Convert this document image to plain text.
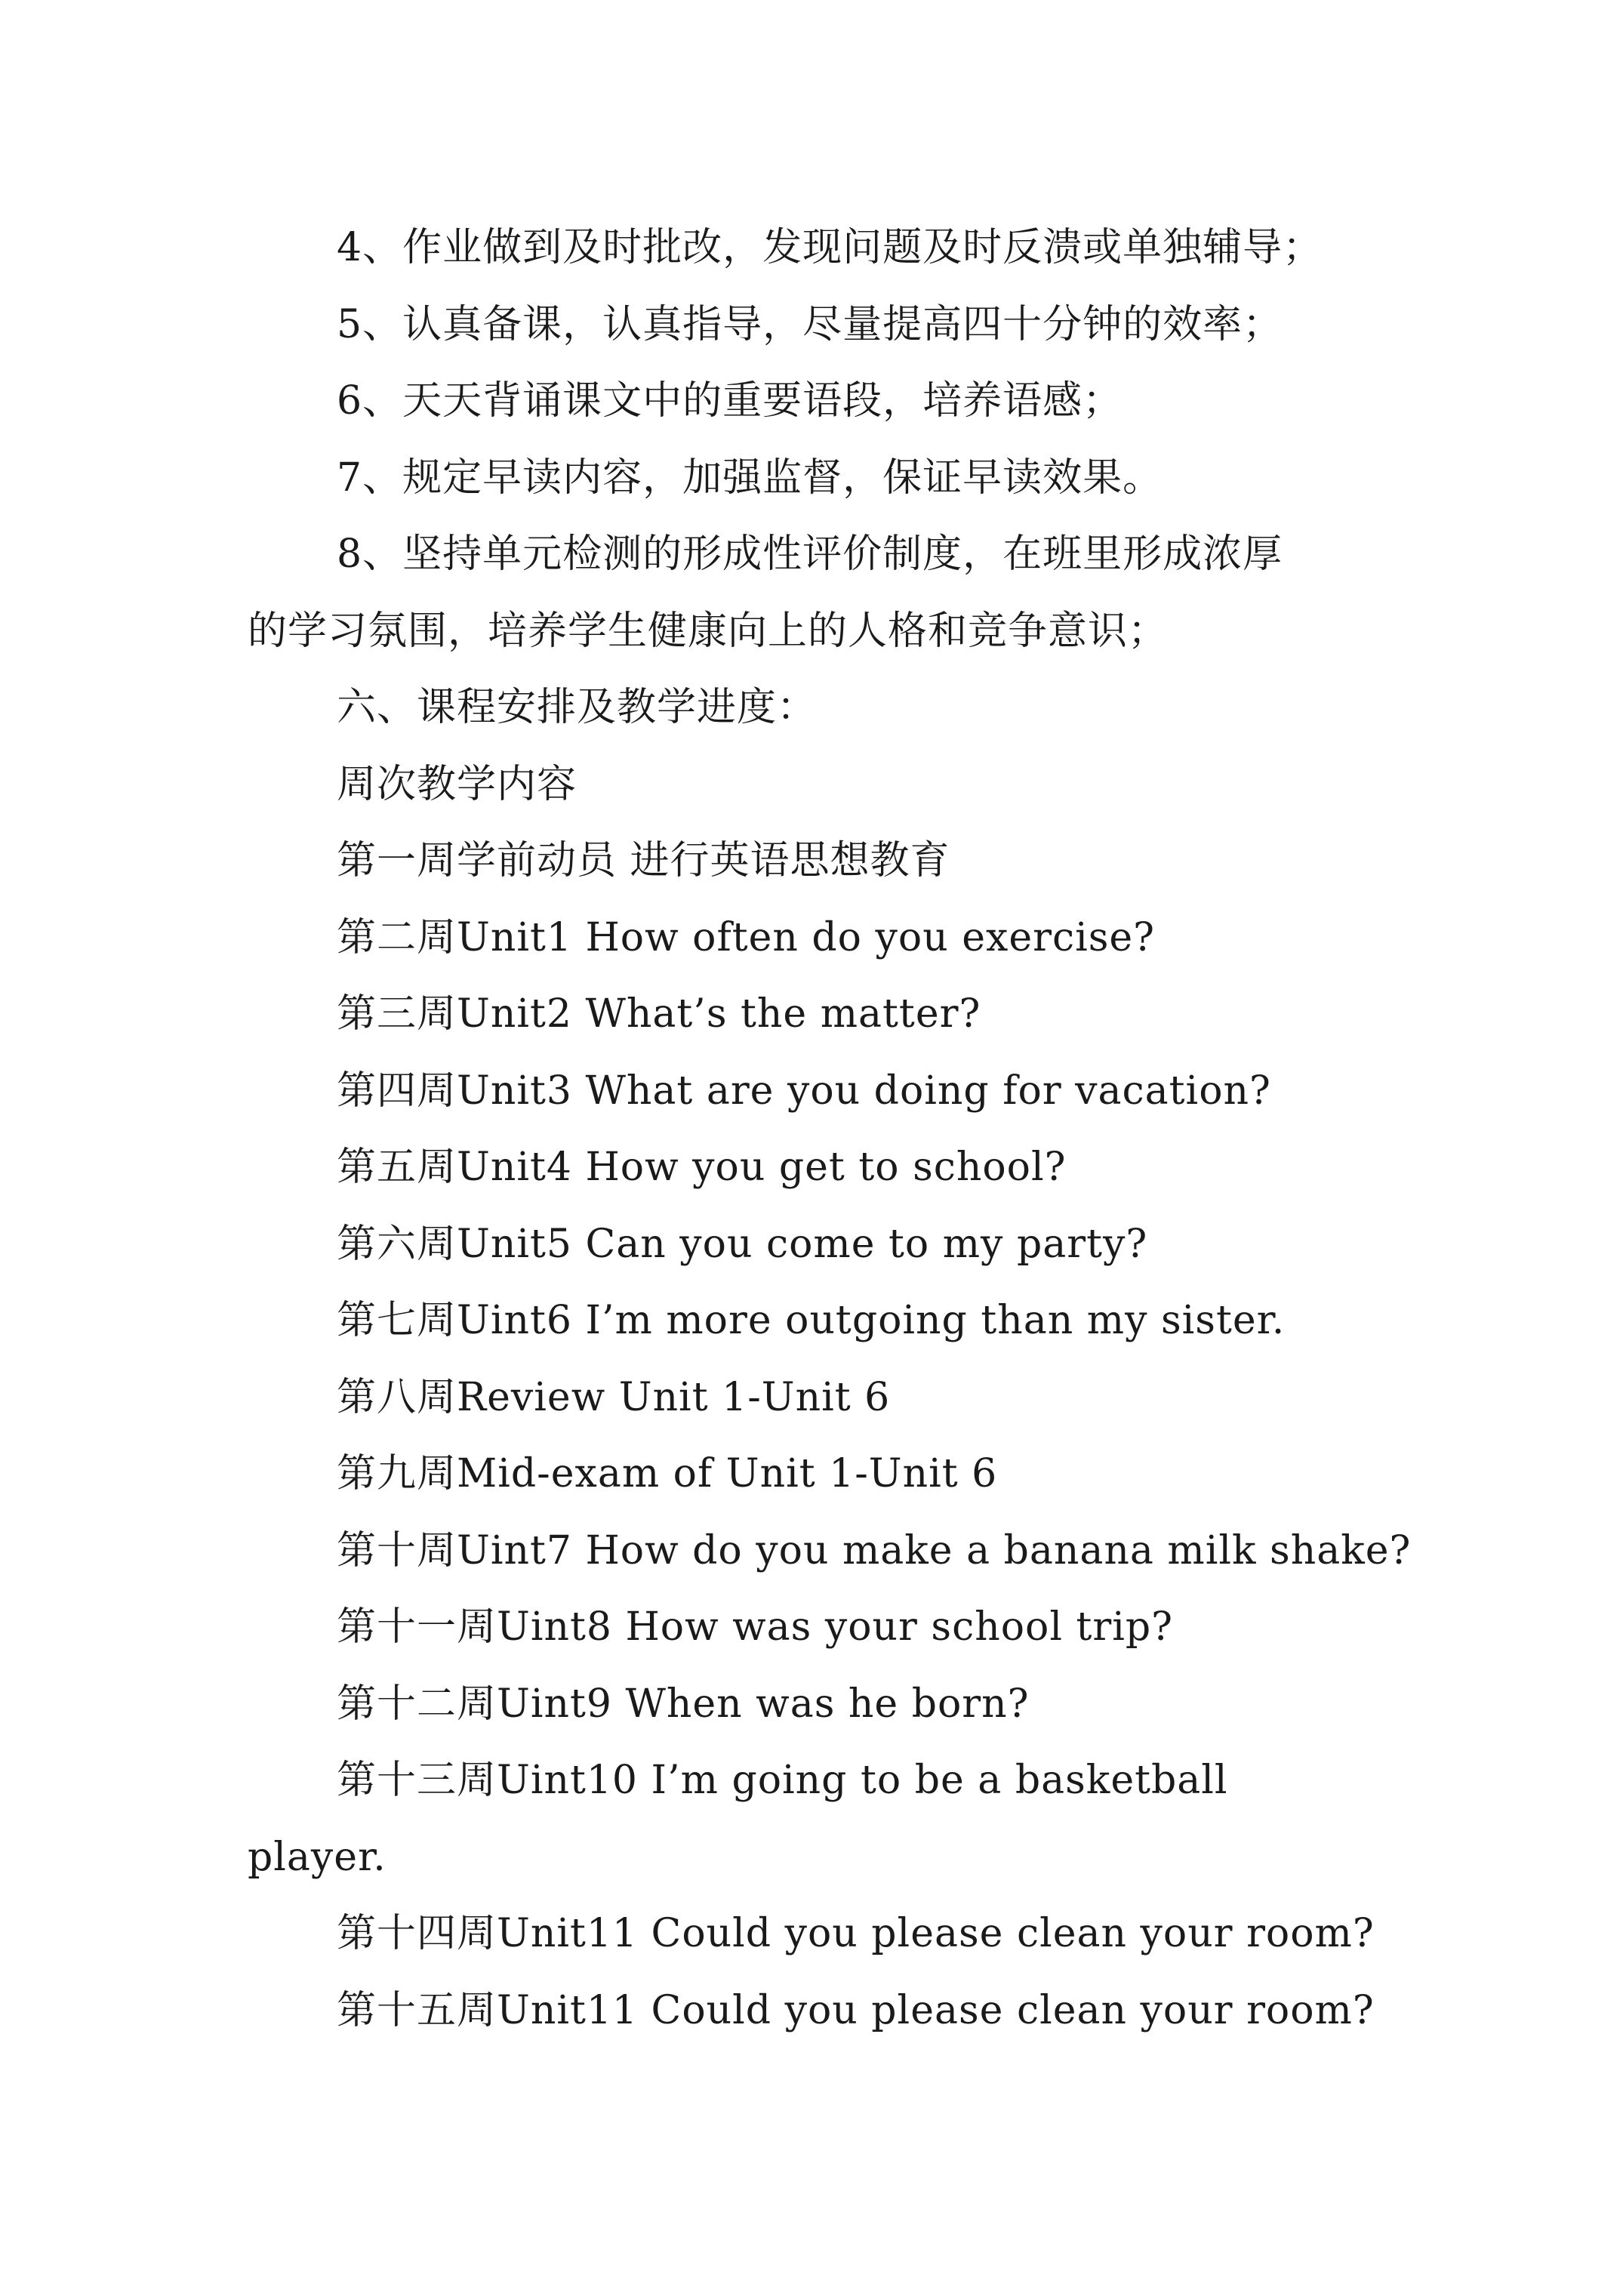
4、作业做到及时批改，发现问题及时反溃或单独辅导；
5、认真备课，认真指导，尽量提高四十分钟的效率；
6、天天背诵课文中的重要语段，培养语感；
7、规定早读内容，加强监督，保证早读效果。
8、坚持单元检测的形成性评价制度，在班里形成浓厚
的学习氛围，培养学生健康向上的人格和竞争意识；
六、课程安排及教学进度：
周次教学内容
第一周学前动员 进行英语思想教育
第二周Unit1 How often do you exercise?
第三周Unit2 What’s the matter?
第四周Unit3 What are you doing for vacation?
第五周Unit4 How you get to school?
第六周Unit5 Can you come to my party?
第七周Uint6 I’m more outgoing than my sister.
第八周Review Unit 1-Unit 6
第九周Mid-exam of Unit 1-Unit 6
第十周Uint7 How do you make a banana milk shake?
第十一周Uint8 How was your school trip?
第十二周Uint9 When was he born?
第十三周Uint10 I’m going to be a basketball
player.
第十四周Unit11 Could you please clean your room?
第十五周Unit11 Could you please clean your room?
